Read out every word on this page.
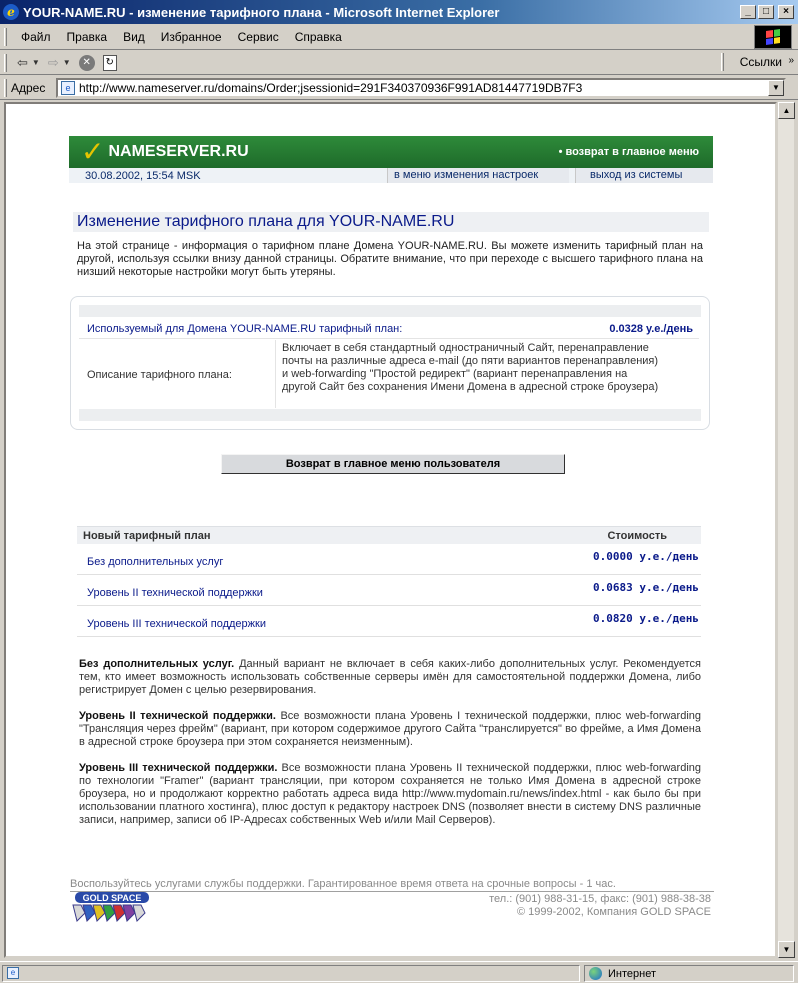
e YOUR-NAME.RU - изменение тарифного плана - Microsoft Internet Explorer	_	□	×
Файл	Правка	Вид	Избранное	Сервис	Справка
⇦ ▼ ⇨ ▼	✕	↻	Ссылки »
Адрес	e http://www.nameserver.ru/domains/Order;jsessionid=291F340370936F991AD81447719DB7F3	▼
✓ NAMESERVER.RU	• возврат в главное меню
30.08.2002, 15:54 MSK	в меню изменения настроек	выход из системы
Изменение тарифного плана для YOUR-NAME.RU
На этой странице - информация о тарифном плане Домена YOUR-NAME.RU. Вы можете изменить тарифный план на другой, используя ссылки внизу данной страницы. Обратите внимание, что при переходе с высшего тарифного плана на низший некоторые настройки могут быть утеряны.
Используемый для Домена YOUR-NAME.RU тарифный план:	0.0328 у.е./день
Описание тарифного плана:
Включает в себя стандартный одностраничный Сайт, перенаправление почты на различные адреса e-mail (до пяти вариантов перенаправления) и web-forwarding "Простой редирект" (вариант перенаправления на другой Сайт без сохранения Имени Домена в адресной строке броузера)
Возврат в главное меню пользователя
Новый тарифный план	Стоимость
Без дополнительных услуг	0.0000 у.е./день
Уровень II технической поддержки	0.0683 у.е./день
Уровень III технической поддержки	0.0820 у.е./день

Без дополнительных услуг. Данный вариант не включает в себя каких-либо дополнительных услуг. Рекомендуется тем, кто имеет возможность использовать собственные серверы имён для самостоятельной поддержки Домена, либо регистрирует Домен с целью резервирования.

Уровень II технической поддержки. Все возможности плана Уровень I технической поддержки, плюс web-forwarding "Трансляция через фрейм" (вариант, при котором содержимое другого Сайта "транслируется" во фрейме, а Имя Домена в адресной строке броузера при этом сохраняется неизменным).

Уровень III технической поддержки. Все возможности плана Уровень II технической поддержки, плюс web-forwarding по технологии "Framer" (вариант трансляции, при котором сохраняется не только Имя Домена в адресной строке броузера, но и продолжают корректно работать адреса вида http://www.mydomain.ru/news/index.html - как было бы при использовании платного хостинга), плюс доступ к редактору настроек DNS (позволяет внести в систему DNS различные записи, например, записи об IP-Адресах собственных Web и/или Mail Серверов).

Воспользуйтесь услугами службы поддержки. Гарантированное время ответа на срочные вопросы - 1 час.
GOLD SPACE	тел.: (901) 988-31-15, факс: (901) 988-38-38
© 1999-2002, Компания GOLD SPACE
▲
▼
e	Интернет
